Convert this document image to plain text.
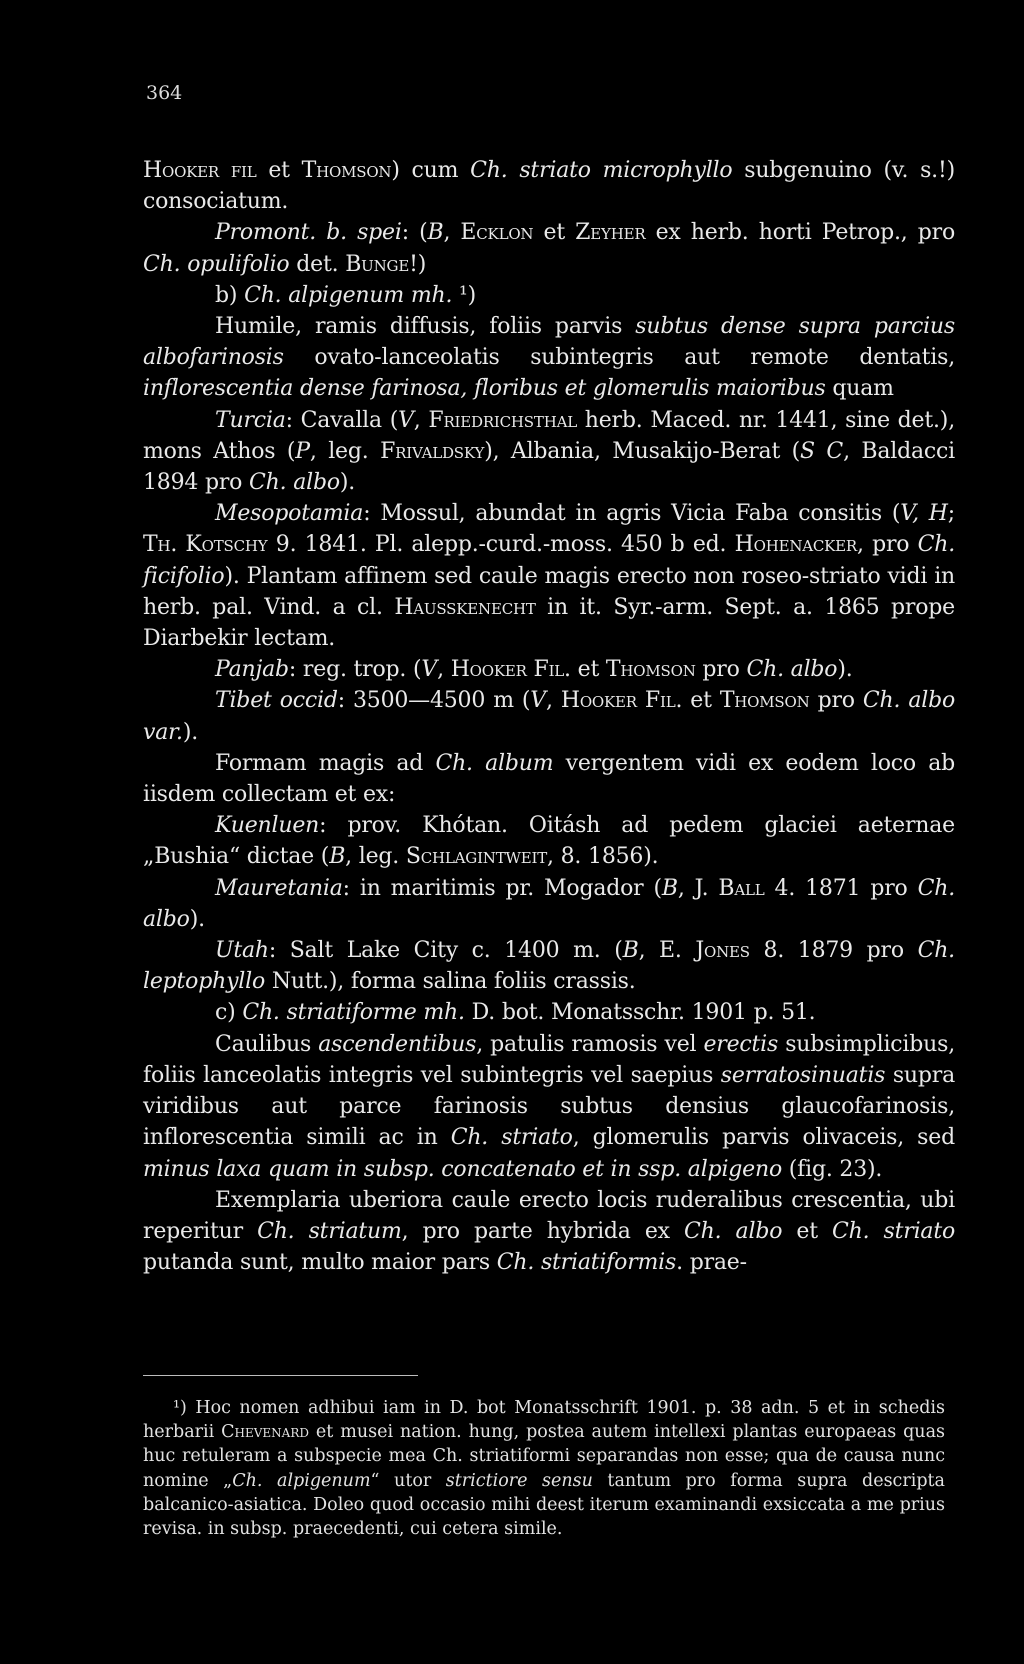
364

Hooker fil et Thomson) cum Ch. striato microphyllo subgenuino (v. s.!) consociatum.

Promont. b. spei: (B, Ecklon et Zeyher ex herb. horti Petrop., pro Ch. opulifolio det. Bunge!)

b) Ch. alpigenum mh. ¹)

Humile, ramis diffusis, foliis parvis subtus dense supra parcius albofarinosis ovato-lanceolatis subintegris aut remote dentatis, inflorescentia dense farinosa, floribus et glomerulis maioribus quam

Turcia: Cavalla (V, Friedrichsthal herb. Maced. nr. 1441, sine det.), mons Athos (P, leg. Frivaldsky), Albania, Musakijo-Berat (S C, Baldacci 1894 pro Ch. albo).

Mesopotamia: Mossul, abundat in agris Vicia Faba consitis (V, H; Th. Kotschy 9. 1841. Pl. alepp.-curd.-moss. 450 b ed. Hohenacker, pro Ch. ficifolio). Plantam affinem sed caule magis erecto non roseo-striato vidi in herb. pal. Vind. a cl. Hausskenecht in it. Syr.-arm. Sept. a. 1865 prope Diarbekir lectam.

Panjab: reg. trop. (V, Hooker Fil. et Thomson pro Ch. albo).

Tibet occid: 3500—4500 m (V, Hooker Fil. et Thomson pro Ch. albo var.).

Formam magis ad Ch. album vergentem vidi ex eodem loco ab iisdem collectam et ex:

Kuenluen: prov. Khótan. Oitásh ad pedem glaciei aeternae „Bushia“ dictae (B, leg. Schlagintweit, 8. 1856).

Mauretania: in maritimis pr. Mogador (B, J. Ball 4. 1871 pro Ch. albo).

Utah: Salt Lake City c. 1400 m. (B, E. Jones 8. 1879 pro Ch. leptophyllo Nutt.), forma salina foliis crassis.

c) Ch. striatiforme mh. D. bot. Monatsschr. 1901 p. 51.

Caulibus ascendentibus, patulis ramosis vel erectis subsimplicibus, foliis lanceolatis integris vel subintegris vel saepius serratosinuatis supra viridibus aut parce farinosis subtus densius glaucofarinosis, inflorescentia simili ac in Ch. striato, glomerulis parvis olivaceis, sed minus laxa quam in subsp. concatenato et in ssp. alpigeno (fig. 23).

Exemplaria uberiora caule erecto locis ruderalibus crescentia, ubi reperitur Ch. striatum, pro parte hybrida ex Ch. albo et Ch. striato putanda sunt, multo maior pars Ch. striatiformis. prae-

¹) Hoc nomen adhibui iam in D. bot Monatsschrift 1901. p. 38 adn. 5 et in schedis herbarii Chevenard et musei nation. hung, postea autem intellexi plantas europaeas quas huc retuleram a subspecie mea Ch. striatiformi separandas non esse; qua de causa nunc nomine „Ch. alpigenum“ utor strictiore sensu tantum pro forma supra descripta balcanico-asiatica. Doleo quod occasio mihi deest iterum examinandi exsiccata a me prius revisa. in subsp. praecedenti, cui cetera simile.
